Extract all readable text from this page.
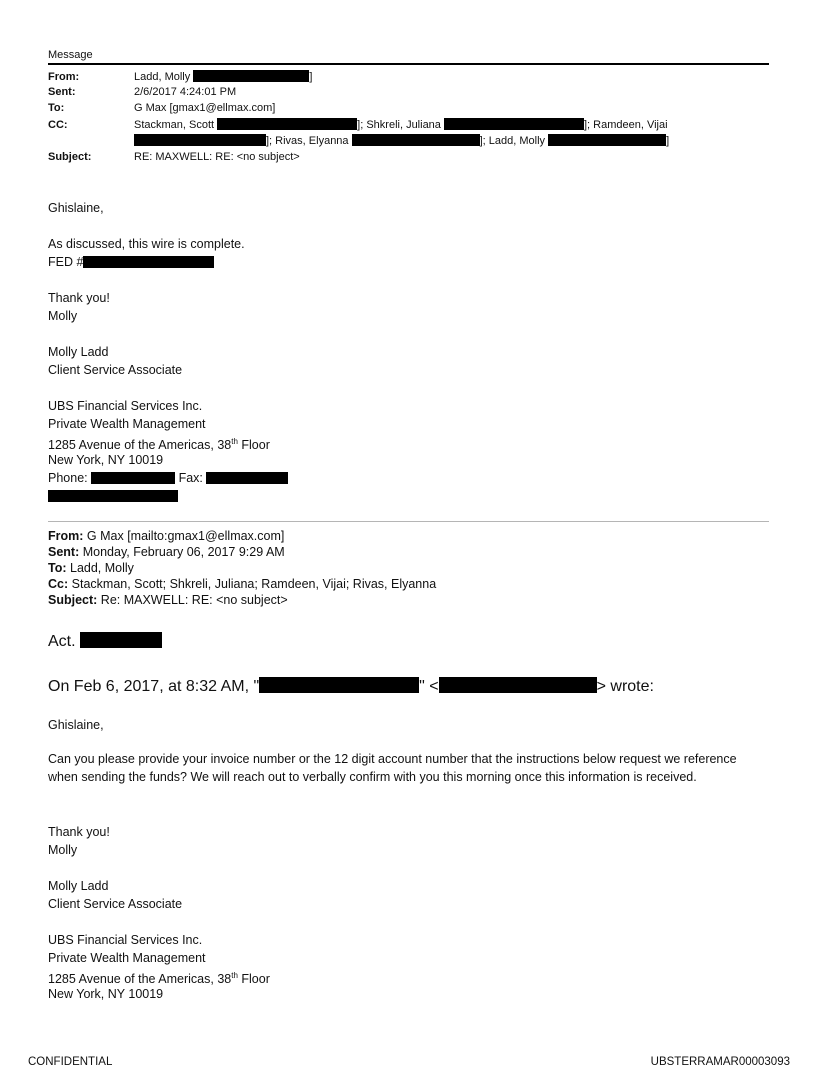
Message
From:	Ladd, Molly	]
Sent:	2/6/2017 4:24:01 PM
To:	G Max [gmax1@ellmax.com]
CC:	Stackman, Scott	]; Shkreli, Juliana	]; Ramdeen, Vijai
]; Rivas, Elyanna	]; Ladd, Molly	]
Subject:	RE: MAXWELL: RE: <no subject>
Ghislaine,
As discussed, this wire is complete.
FED #
Thank you!
Molly
Molly Ladd
Client Service Associate
UBS Financial Services Inc.
Private Wealth Management
1285 Avenue of the Americas, 38th Floor
New York, NY 10019
Phone:	Fax:
From: G Max [mailto:gmax1@ellmax.com]
Sent: Monday, February 06, 2017 9:29 AM
To: Ladd, Molly
Cc: Stackman, Scott; Shkreli, Juliana; Ramdeen, Vijai; Rivas, Elyanna
Subject: Re: MAXWELL: RE: <no subject>
Act.
On Feb 6, 2017, at 8:32 AM, "	" <	> wrote:
Ghislaine,
Can you please provide your invoice number or the 12 digit account number that the instructions below request we reference when sending the funds? We will reach out to verbally confirm with you this morning once this information is received.
Thank you!
Molly
Molly Ladd
Client Service Associate
UBS Financial Services Inc.
Private Wealth Management
1285 Avenue of the Americas, 38th Floor
New York, NY 10019
CONFIDENTIAL	UBSTERRAMAR00003093
